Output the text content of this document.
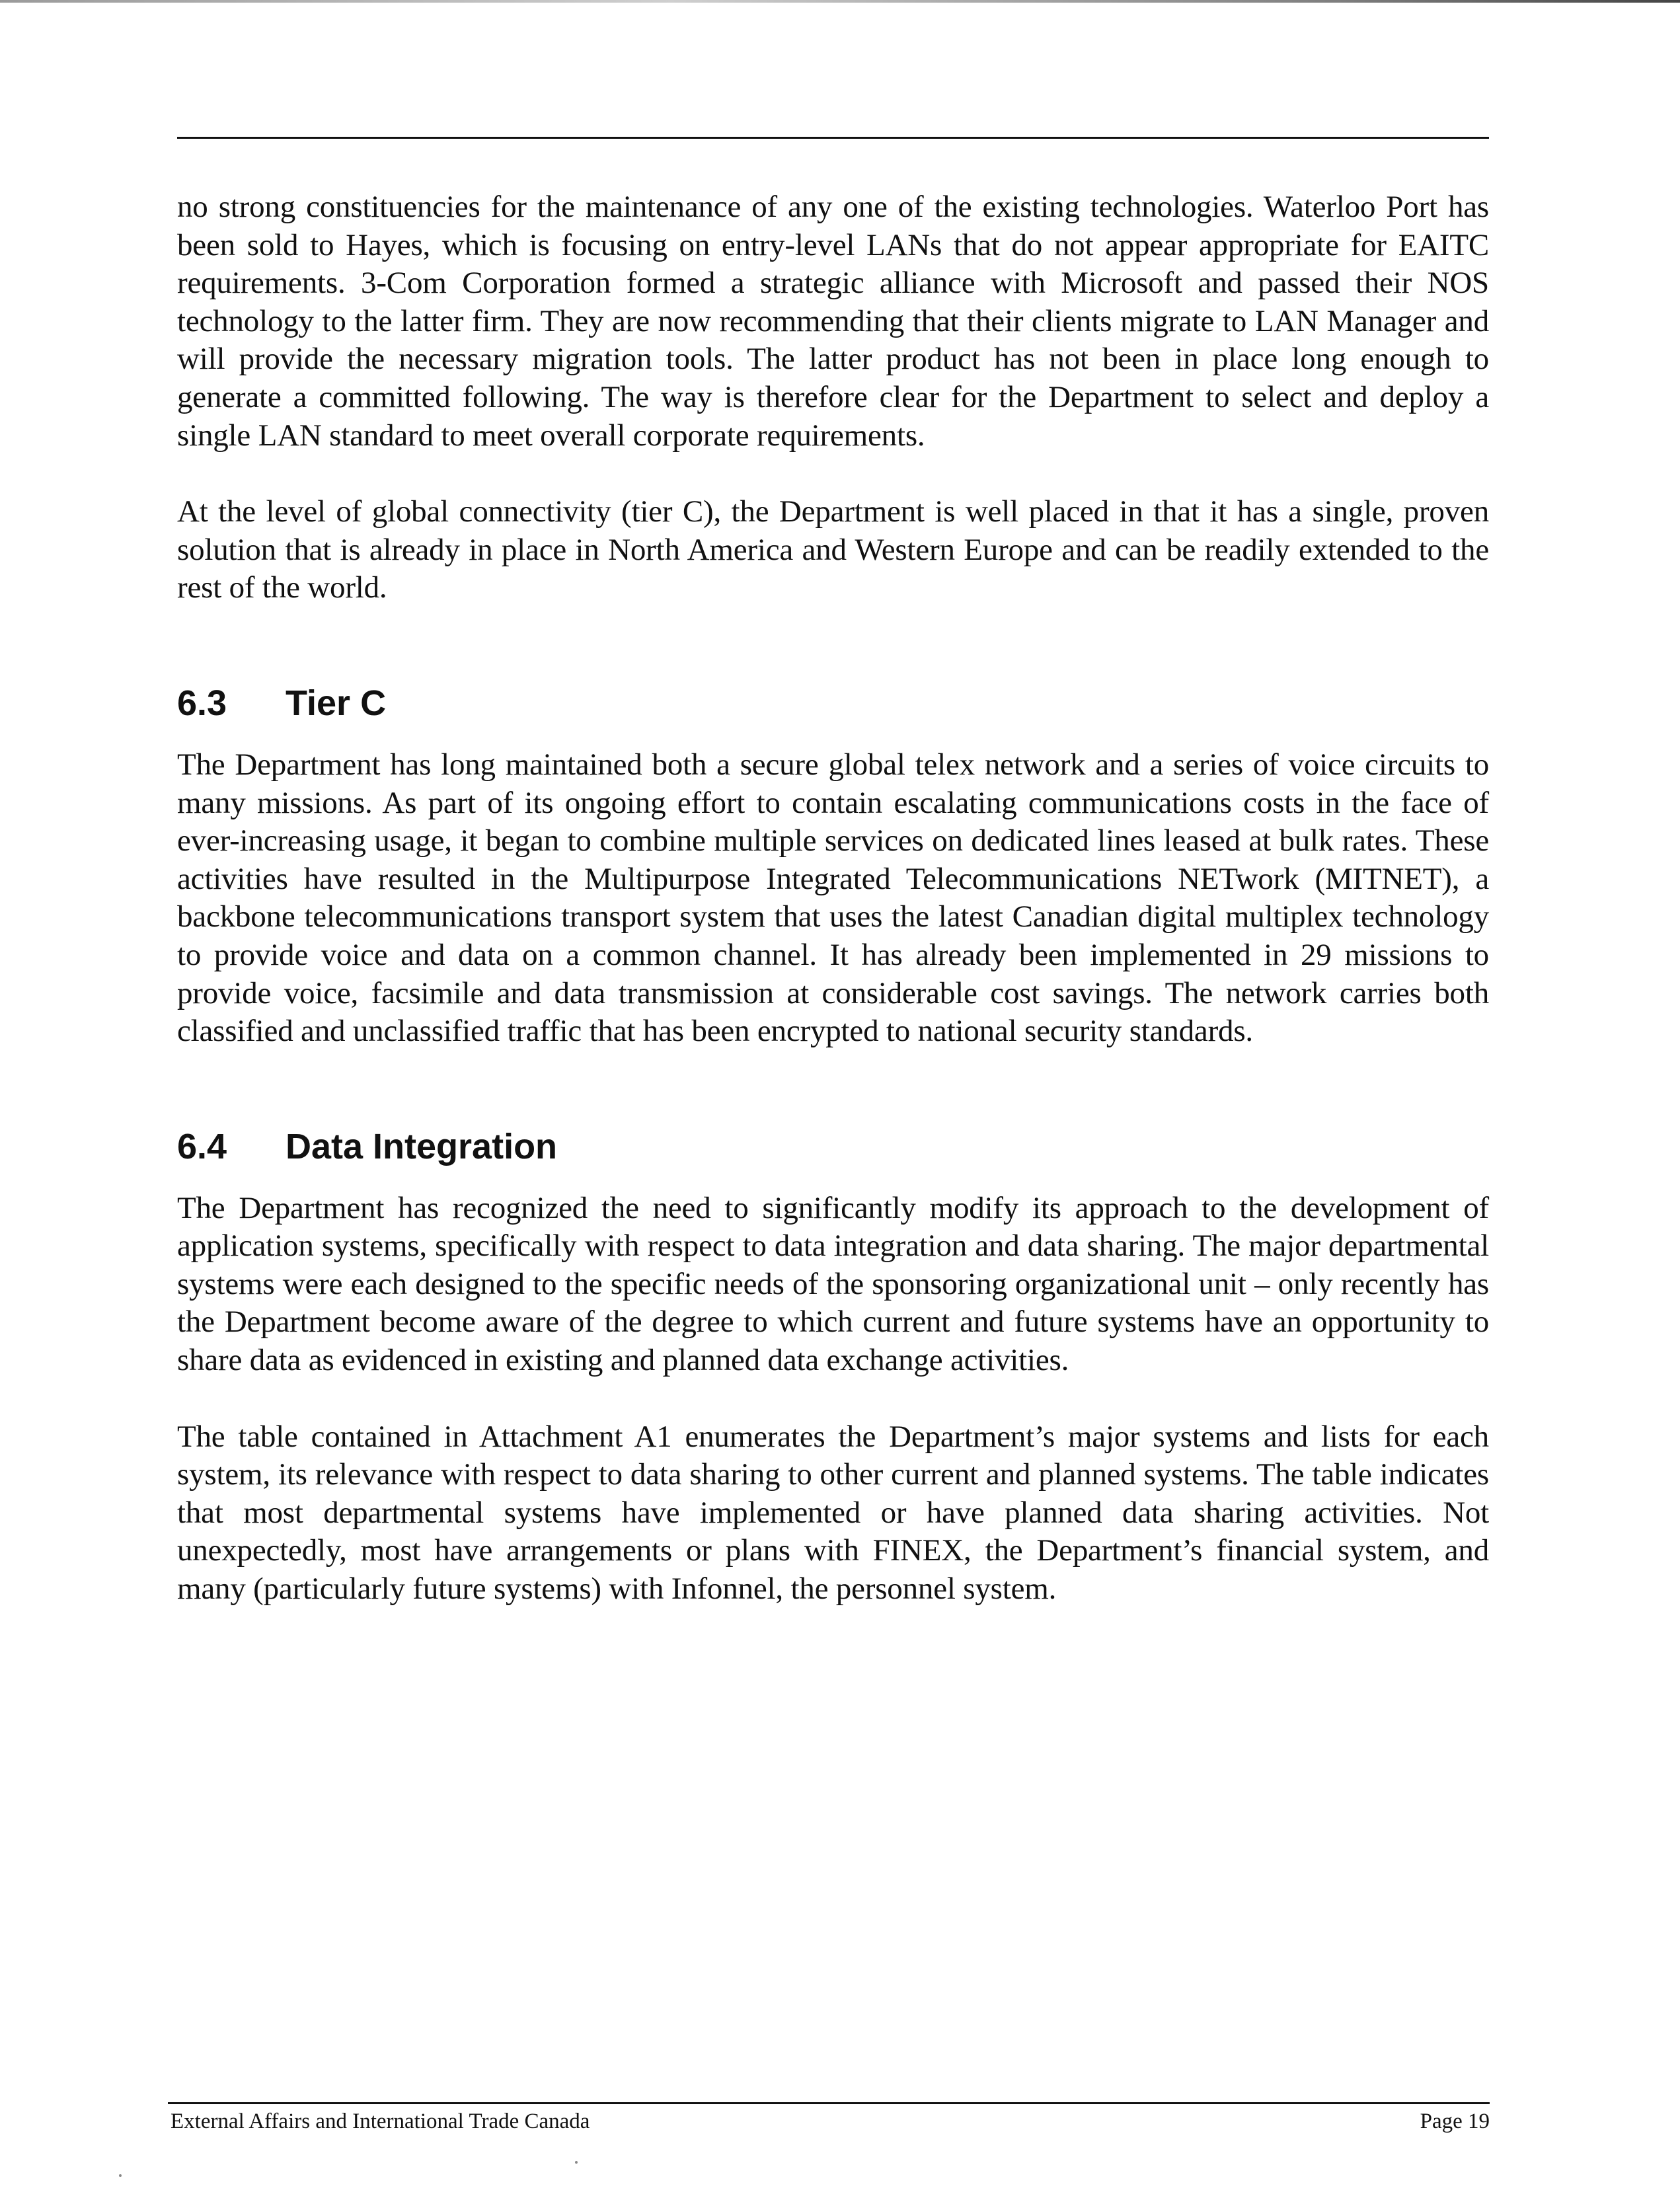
no strong constituencies for the maintenance of any one of the existing technologies. Waterloo Port has been sold to Hayes, which is focusing on entry-level LANs that do not appear appropriate for EAITC requirements. 3-Com Corporation formed a strategic alliance with Microsoft and passed their NOS technology to the latter firm. They are now recommending that their clients migrate to LAN Manager and will provide the necessary migration tools. The latter product has not been in place long enough to generate a committed following. The way is therefore clear for the Department to select and deploy a single LAN standard to meet overall corporate requirements.

At the level of global connectivity (tier C), the Department is well placed in that it has a single, proven solution that is already in place in North America and Western Europe and can be readily extended to the rest of the world.

6.3	Tier C

The Department has long maintained both a secure global telex network and a series of voice circuits to many missions. As part of its ongoing effort to contain escalating communications costs in the face of ever-increasing usage, it began to combine multiple services on dedicated lines leased at bulk rates. These activities have resulted in the Multipurpose Integrated Telecommunications NETwork (MITNET), a backbone telecommunications transport system that uses the latest Canadian digital multiplex technology to provide voice and data on a common channel. It has already been implemented in 29 missions to provide voice, facsimile and data transmission at considerable cost savings. The network carries both classified and unclassified traffic that has been encrypted to national security standards.

6.4	Data Integration

The Department has recognized the need to significantly modify its approach to the development of application systems, specifically with respect to data integration and data sharing. The major departmental systems were each designed to the specific needs of the sponsoring organizational unit – only recently has the Department become aware of the degree to which current and future systems have an opportunity to share data as evidenced in existing and planned data exchange activities.

The table contained in Attachment A1 enumerates the Department’s major systems and lists for each system, its relevance with respect to data sharing to other current and planned systems. The table indicates that most departmental systems have implemented or have planned data sharing activities. Not unexpectedly, most have arrangements or plans with FINEX, the Department’s financial system, and many (particularly future systems) with Infonnel, the personnel system.

External Affairs and International Trade Canada	Page 19
